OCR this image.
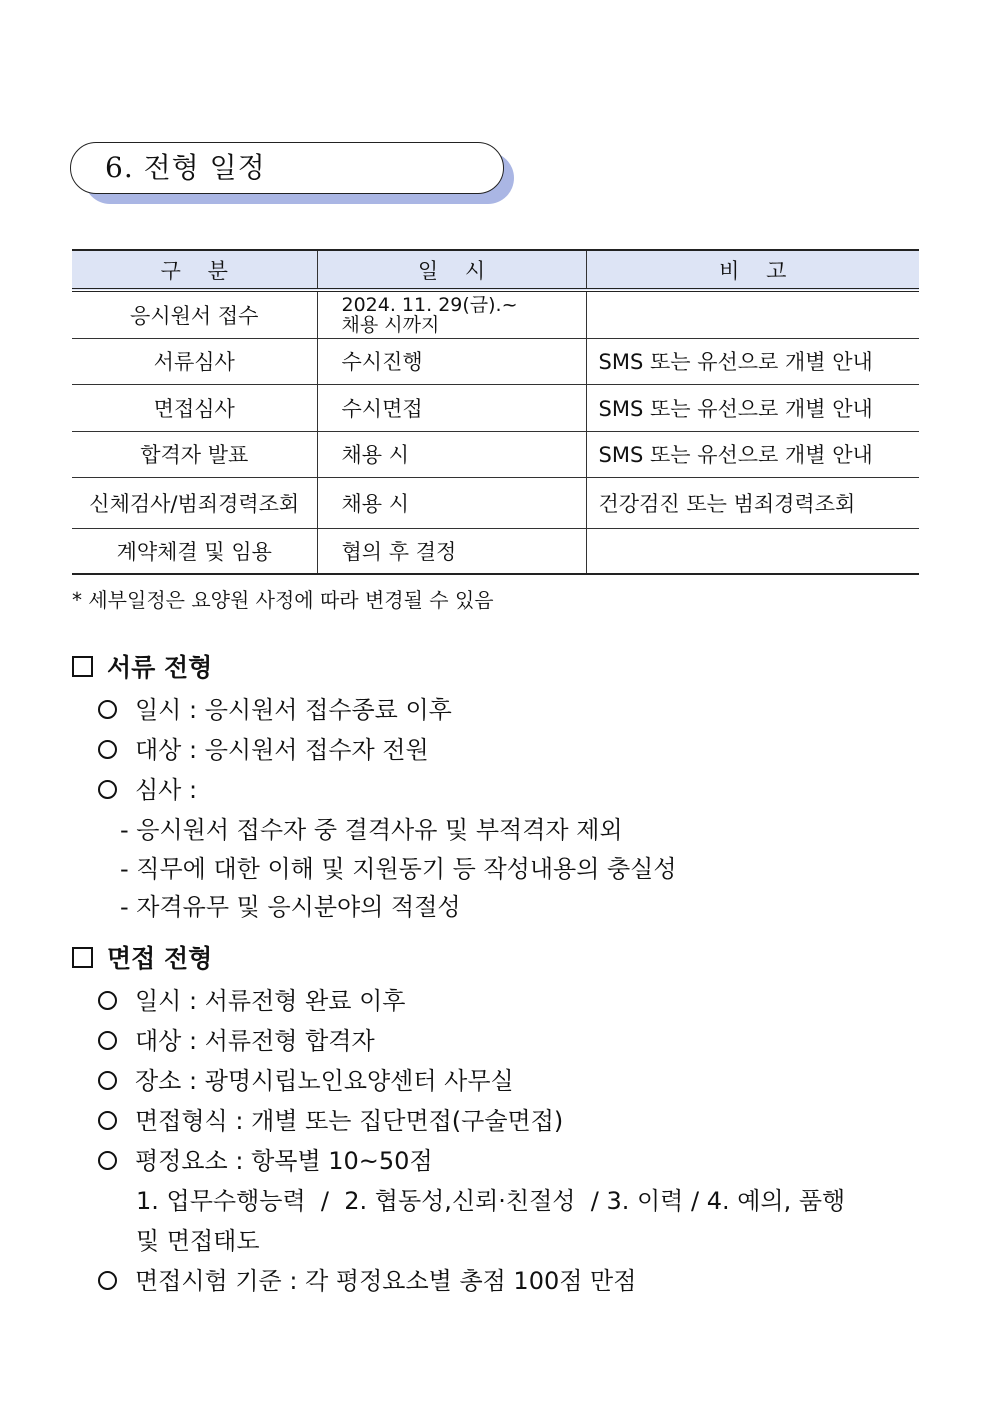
6. 전형 일정
구    분	일    시	비    고
응시원서 접수	2024. 11. 29(금).~
채용 시까지	

서류심사	수시진행	SMS 또는 유선으로 개별 안내
면접심사	수시면접	SMS 또는 유선으로 개별 안내
합격자 발표	채용 시	SMS 또는 유선으로 개별 안내
신체검사/범죄경력조회	채용 시	건강검진 또는 범죄경력조회
계약체결 및 임용	협의 후 결정	
* 세부일정은 요양원 사정에 따라 변경될 수 있음
서류 전형
일시 : 응시원서 접수종료 이후
대상 : 응시원서 접수자 전원
심사 :
- 응시원서 접수자 중 결격사유 및 부적격자 제외
- 직무에 대한 이해 및 지원동기 등 작성내용의 충실성
- 자격유무 및 응시분야의 적절성
면접 전형
일시 : 서류전형 완료 이후
대상 : 서류전형 합격자
장소 : 광명시립노인요양센터 사무실
면접형식 : 개별 또는 집단면접(구술면접)
평정요소 : 항목별 10~50점
1. 업무수행능력  /  2. 협동성,신뢰·친절성  / 3. 이력 / 4. 예의, 품행
및 면접태도
면접시험 기준 : 각 평정요소별 총점 100점 만점
